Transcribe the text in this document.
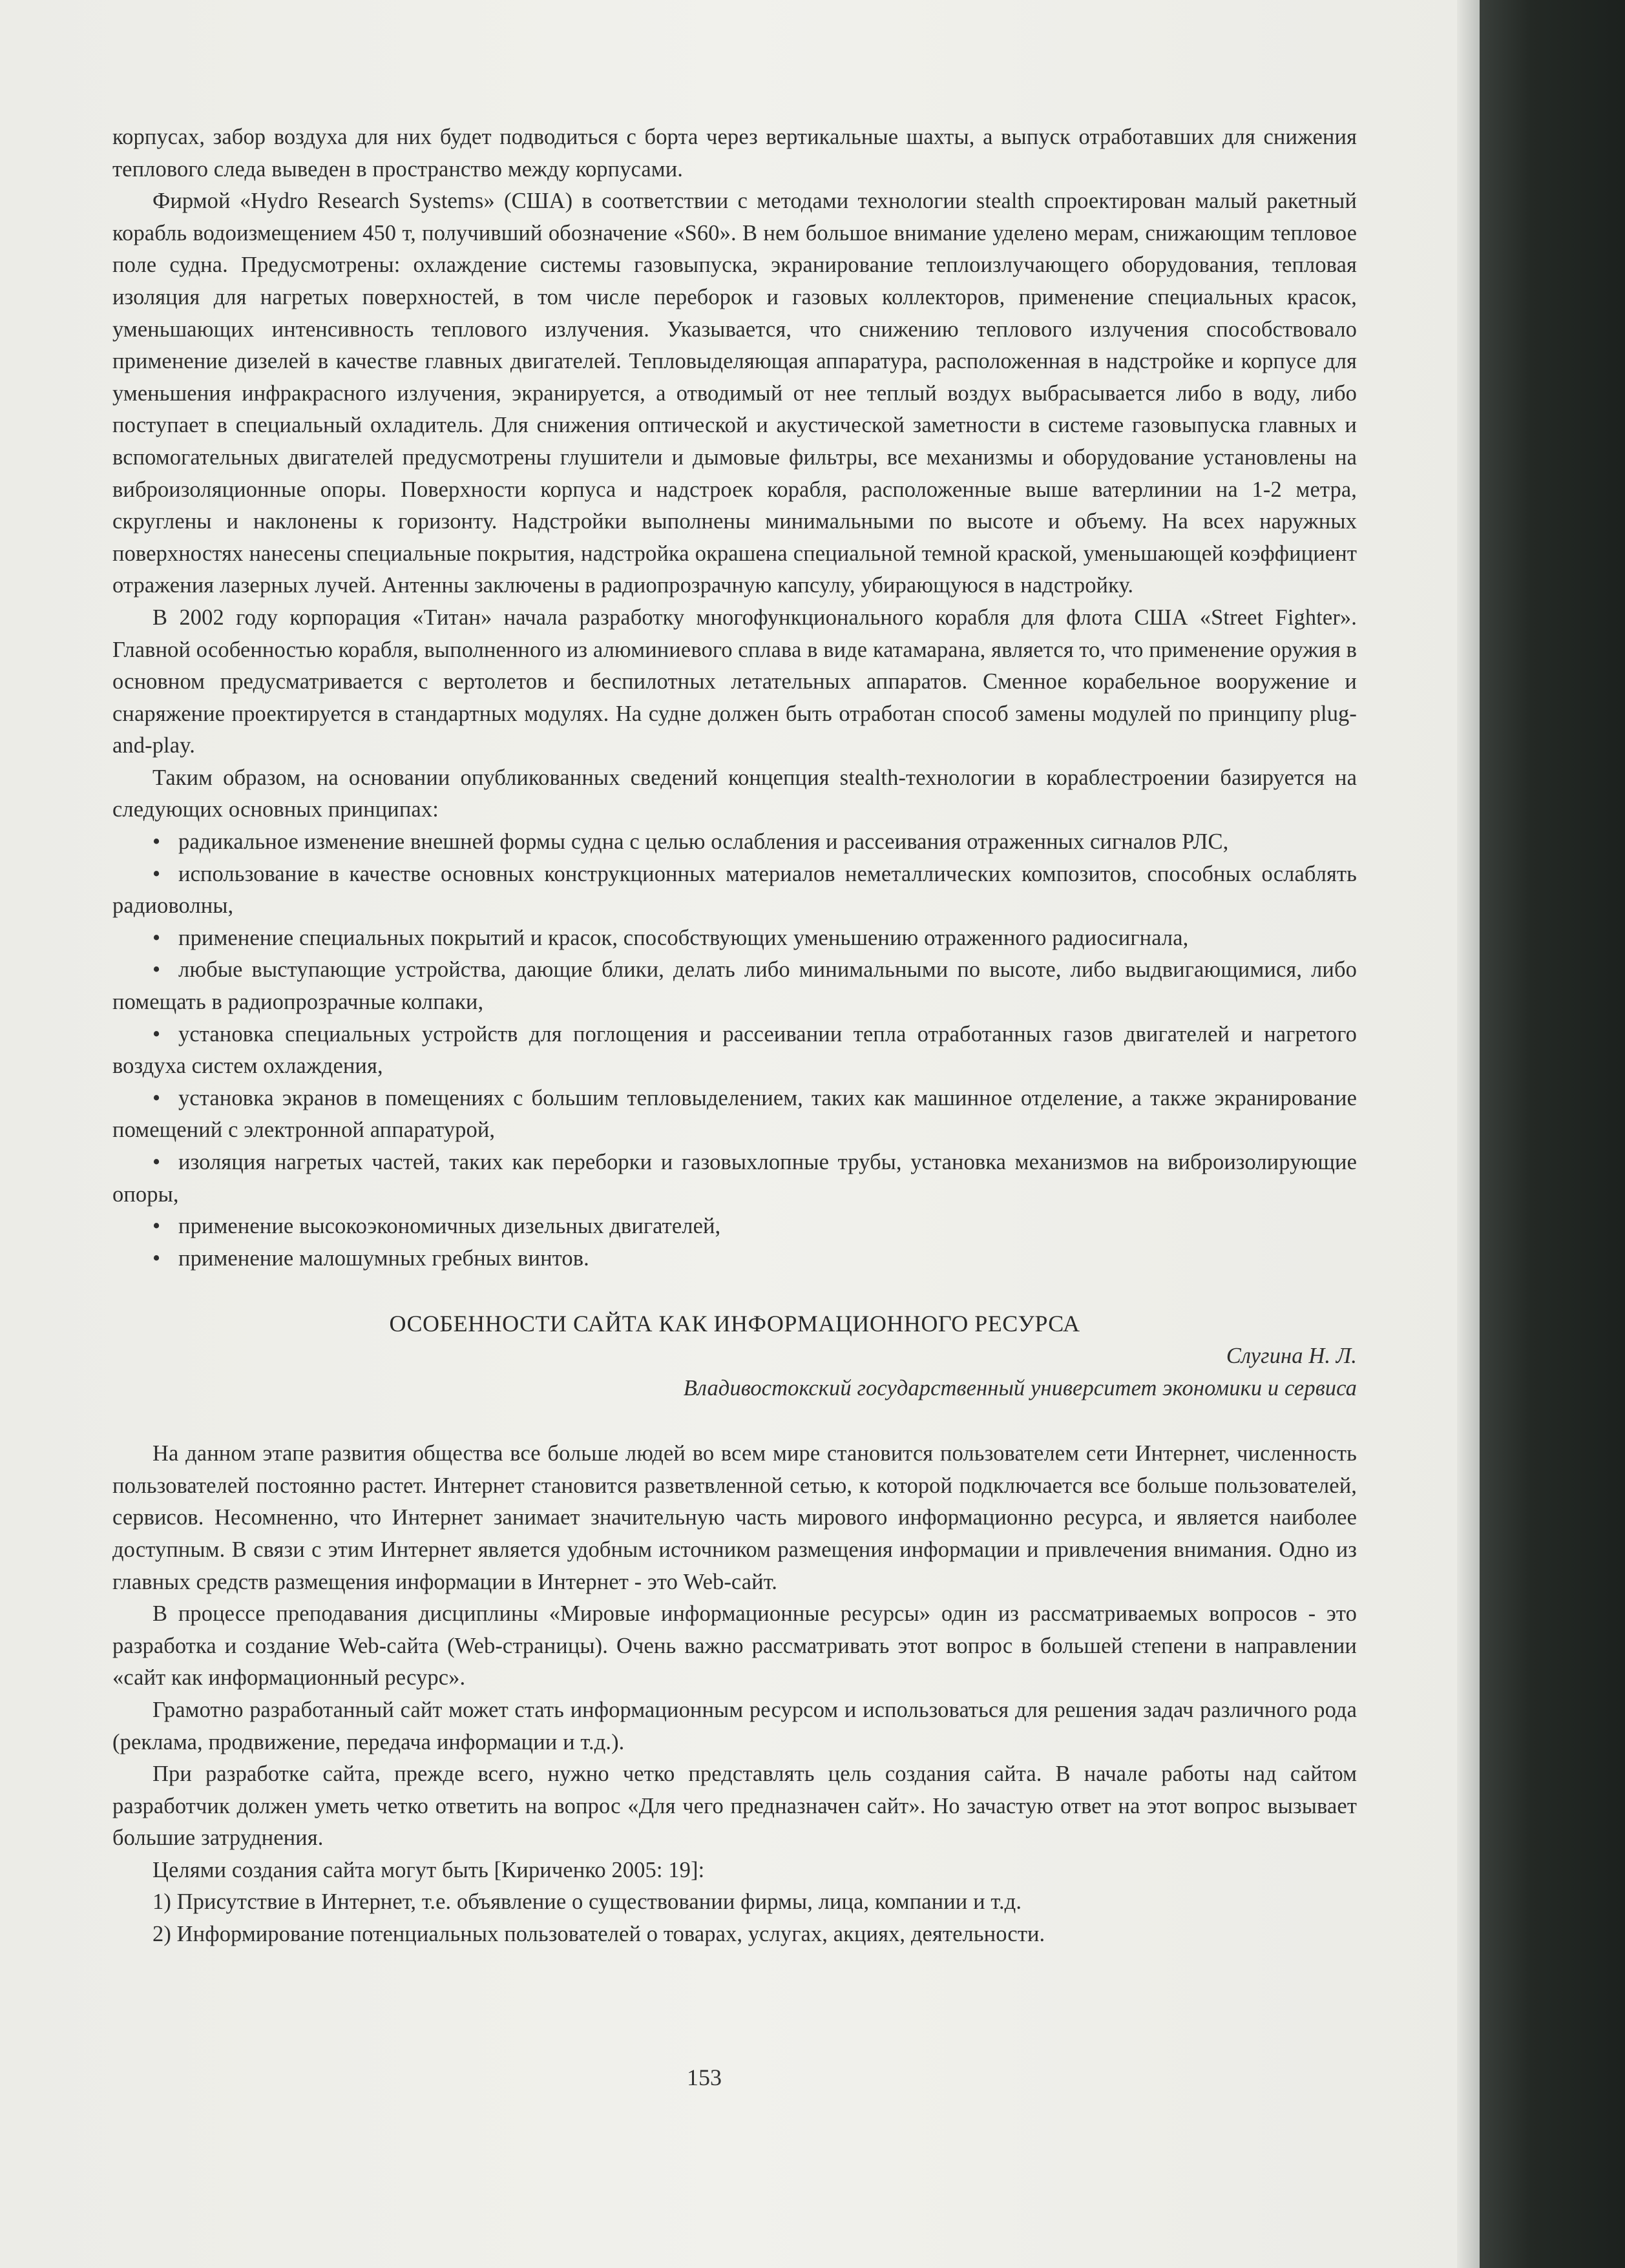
корпусах, забор воздуха для них будет подводиться с борта через вертикальные шахты, а выпуск отработавших для снижения теплового следа выведен в пространство между корпусами.

Фирмой «Hydro Research Systems» (США) в соответствии с методами технологии stealth спроектирован малый ракетный корабль водоизмещением 450 т, получивший обозначение «S60». В нем большое внимание уделено мерам, снижающим тепловое поле судна. Предусмотрены: охлаждение системы газовыпуска, экранирование теплоизлучающего оборудования, тепловая изоляция для нагретых поверхностей, в том числе переборок и газовых коллекторов, применение специальных красок, уменьшающих интенсивность теплового излучения. Указывается, что снижению теплового излучения способствовало применение дизелей в качестве главных двигателей. Тепловыделяющая аппаратура, расположенная в надстройке и корпусе для уменьшения инфракрасного излучения, экранируется, а отводимый от нее теплый воздух выбрасывается либо в воду, либо поступает в специальный охладитель. Для снижения оптической и акустической заметности в системе газовыпуска главных и вспомогательных двигателей предусмотрены глушители и дымовые фильтры, все механизмы и оборудование установлены на виброизоляционные опоры. Поверхности корпуса и надстроек корабля, расположенные выше ватерлинии на 1-2 метра, скруглены и наклонены к горизонту. Надстройки выполнены минимальными по высоте и объему. На всех наружных поверхностях нанесены специальные покрытия, надстройка окрашена специальной темной краской, уменьшающей коэффициент отражения лазерных лучей. Антенны заключены в радиопрозрачную капсулу, убирающуюся в надстройку.

В 2002 году корпорация «Титан» начала разработку многофункционального корабля для флота США «Street Fighter». Главной особенностью корабля, выполненного из алюминиевого сплава в виде катамарана, является то, что применение оружия в основном предусматривается с вертолетов и беспилотных летательных аппаратов. Сменное корабельное вооружение и снаряжение проектируется в стандартных модулях. На судне должен быть отработан способ замены модулей по принципу plug-and-play.

Таким образом, на основании опубликованных сведений концепция stealth-технологии в кораблестроении базируется на следующих основных принципах:

• радикальное изменение внешней формы судна с целью ослабления и рассеивания отраженных сигналов РЛС,

• использование в качестве основных конструкционных материалов неметаллических композитов, способных ослаблять радиоволны,

• применение специальных покрытий и красок, способствующих уменьшению отраженного радиосигнала,

• любые выступающие устройства, дающие блики, делать либо минимальными по высоте, либо выдвигающимися, либо помещать в радиопрозрачные колпаки,

• установка специальных устройств для поглощения и рассеивании тепла отработанных газов двигателей и нагретого воздуха систем охлаждения,

• установка экранов в помещениях с большим тепловыделением, таких как машинное отделение, а также экранирование помещений с электронной аппаратурой,

• изоляция нагретых частей, таких как переборки и газовыхлопные трубы, установка механизмов на виброизолирующие опоры,

• применение высокоэкономичных дизельных двигателей,

• применение малошумных гребных винтов.

ОСОБЕННОСТИ САЙТА КАК ИНФОРМАЦИОННОГО РЕСУРСА

Слугина Н. Л.

Владивостокский государственный университет экономики и сервиса

На данном этапе развития общества все больше людей во всем мире становится пользователем сети Интернет, численность пользователей постоянно растет. Интернет становится разветвленной сетью, к которой подключается все больше пользователей, сервисов. Несомненно, что Интернет занимает значительную часть мирового информационно ресурса, и является наиболее доступным. В связи с этим Интернет является удобным источником размещения информации и привлечения внимания. Одно из главных средств размещения информации в Интернет - это Web-сайт.

В процессе преподавания дисциплины «Мировые информационные ресурсы» один из рассматриваемых вопросов - это разработка и создание Web-сайта (Web-страницы). Очень важно рассматривать этот вопрос в большей степени в направлении «сайт как информационный ресурс».

Грамотно разработанный сайт может стать информационным ресурсом и использоваться для решения задач различного рода (реклама, продвижение, передача информации и т.д.).

При разработке сайта, прежде всего, нужно четко представлять цель создания сайта. В начале работы над сайтом разработчик должен уметь четко ответить на вопрос «Для чего предназначен сайт». Но зачастую ответ на этот вопрос вызывает большие затруднения.

Целями создания сайта могут быть [Кириченко 2005: 19]:

1) Присутствие в Интернет, т.е. объявление о существовании фирмы, лица, компании и т.д.

2) Информирование потенциальных пользователей о товарах, услугах, акциях, деятельности.

153
